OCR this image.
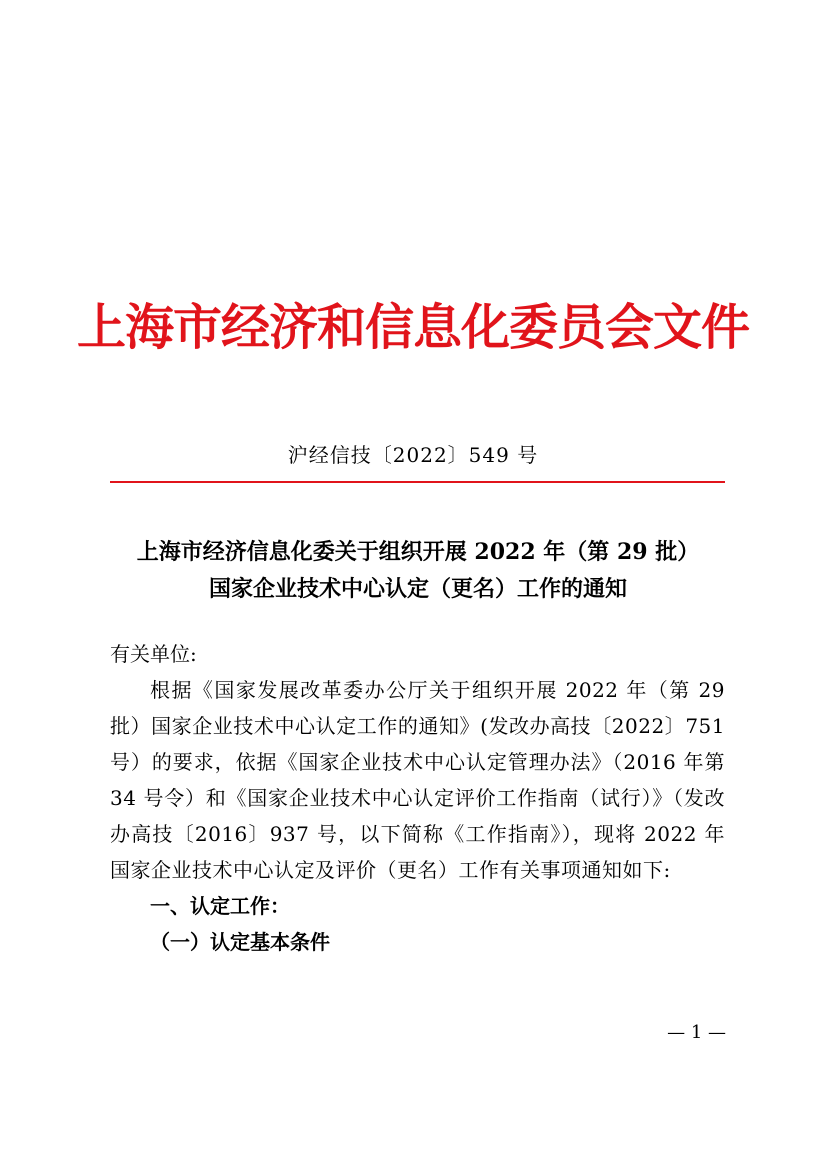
上海市经济和信息化委员会文件
沪经信技〔2022〕549 号
上海市经济信息化委关于组织开展 2022 年（第 29 批）
国家企业技术中心认定（更名）工作的通知

有关单位:

根据《国家发展改革委办公厅关于组织开展 2022 年（第 29 批）国家企业技术中心认定工作的通知》(发改办高技〔2022〕751 号）的要求，依据《国家企业技术中心认定管理办法》（2016 年第 34 号令）和《国家企业技术中心认定评价工作指南（试行）》（发改办高技〔2016〕937 号，以下简称《工作指南》），现将 2022 年国家企业技术中心认定及评价（更名）工作有关事项通知如下:

一、认定工作：

（一）认定基本条件

— 1 —
